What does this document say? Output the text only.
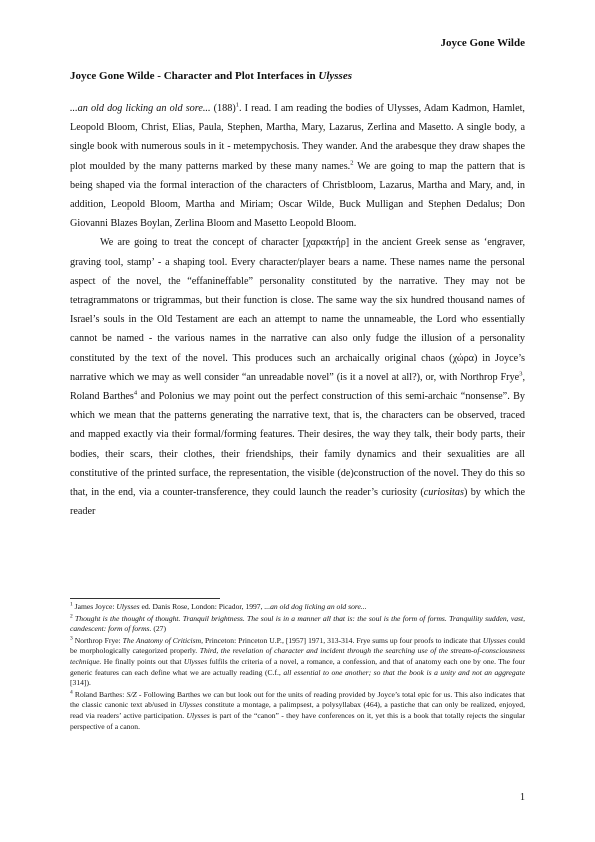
Joyce Gone Wilde
Joyce Gone Wilde - Character and Plot Interfaces in Ulysses

...an old dog licking an old sore... $(188)^1$. I read. I am reading the bodies of Ulysses, Adam Kadmon, Hamlet, Leopold Bloom, Christ, Elias, Paula, Stephen, Martha, Mary, Lazarus, Zerlina and Masetto. A single body, a single book with numerous souls in it - metempychosis. They wander. And the arabesque they draw shapes the plot moulded by the many patterns marked by these many names.$^2$ We are going to map the pattern that is being shaped via the formal interaction of the characters of Christbloom, Lazarus, Martha and Mary, and, in addition, Leopold Bloom, Martha and Miriam; Oscar Wilde, Buck Mulligan and Stephen Dedalus; Don Giovanni Blazes Boylan, Zerlina Bloom and Masetto Leopold Bloom.

We are going to treat the concept of character [χαρακτήρ] in the ancient Greek sense as ‘engraver, graving tool, stamp’ - a shaping tool. Every character/player bears a name. These names name the personal aspect of the novel, the “effanineffable” personality constituted by the narrative. They may not be tetragrammatons or trigrammas, but their function is close. The same way the six hundred thousand names of Israel’s souls in the Old Testament are each an attempt to name the unnameable, the Lord who essentially cannot be named - the various names in the narrative can also only fudge the illusion of a personality constituted by the text of the novel. This produces such an archaically original chaos (χώρα) in Joyce’s narrative which we may as well consider “an unreadable novel” (is it a novel at all?), or, with Northrop Frye$^3$, Roland Barthes$^4$ and Polonius we may point out the perfect construction of this semi-archaic “nonsense”. By which we mean that the patterns generating the narrative text, that is, the characters can be observed, traced and mapped exactly via their formal/forming features. Their desires, the way they talk, their body parts, their bodies, their scars, their clothes, their friendships, their family dynamics and their sexualities are all constitutive of the printed surface, the representation, the visible (de)construction of the novel. They do this so that, in the end, via a counter-transference, they could launch the reader’s curiosity (curiositas) by which the reader

$^1$ James Joyce: Ulysses ed. Danis Rose, London: Picador, 1997, ...an old dog licking an old sore...

$^2$ Thought is the thought of thought. Tranquil brightness. The soul is in a manner all that is: the soul is the form of forms. Tranquility sudden, vast, candescent: form of forms. (27)

$^3$ Northrop Frye: The Anatomy of Criticism, Princeton: Princeton U.P., [1957] 1971, 313-314. Frye sums up four proofs to indicate that Ulysses could be morphologically categorized properly. Third, the revelation of character and incident through the searching use of the stream-of-consciousness technique. He finally points out that Ulysses fulfils the criteria of a novel, a romance, a confession, and that of anatomy each one by one. The four generic features can each define what we are actually reading (C.f., all essential to one another; so that the book is a unity and not an aggregate [314]).

$^4$ Roland Barthes: S/Z - Following Barthes we can but look out for the units of reading provided by Joyce’s total epic for us. This also indicates that the classic canonic text ab/used in Ulysses constitute a montage, a palimpsest, a polysyllabax (464), a pastiche that can only be realized, enjoyed, read via readers’ active participation. Ulysses is part of the “canon” - they have conferences on it, yet this is a book that totally rejects the singular perspective of a canon.

1
